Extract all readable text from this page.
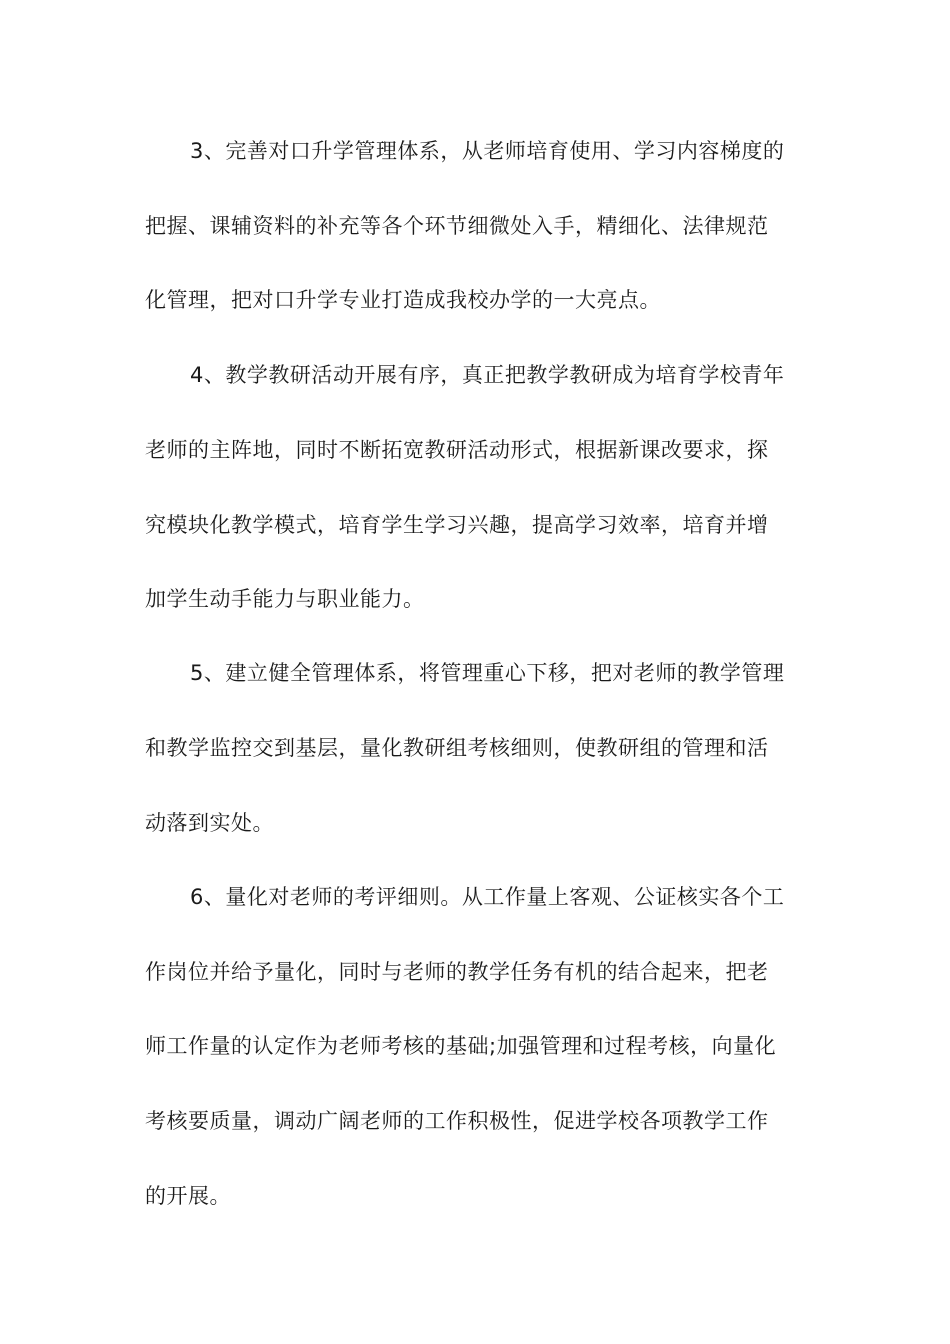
3、完善对口升学管理体系，从老师培育使用、学习内容梯度的
把握、课辅资料的补充等各个环节细微处入手，精细化、法律规范
化管理，把对口升学专业打造成我校办学的一大亮点。
4、教学教研活动开展有序，真正把教学教研成为培育学校青年
老师的主阵地，同时不断拓宽教研活动形式，根据新课改要求，探
究模块化教学模式，培育学生学习兴趣，提高学习效率，培育并增
加学生动手能力与职业能力。
5、建立健全管理体系，将管理重心下移，把对老师的教学管理
和教学监控交到基层，量化教研组考核细则，使教研组的管理和活
动落到实处。
6、量化对老师的考评细则。从工作量上客观、公证核实各个工
作岗位并给予量化，同时与老师的教学任务有机的结合起来，把老
师工作量的认定作为老师考核的基础;加强管理和过程考核，向量化
考核要质量，调动广阔老师的工作积极性，促进学校各项教学工作
的开展。
